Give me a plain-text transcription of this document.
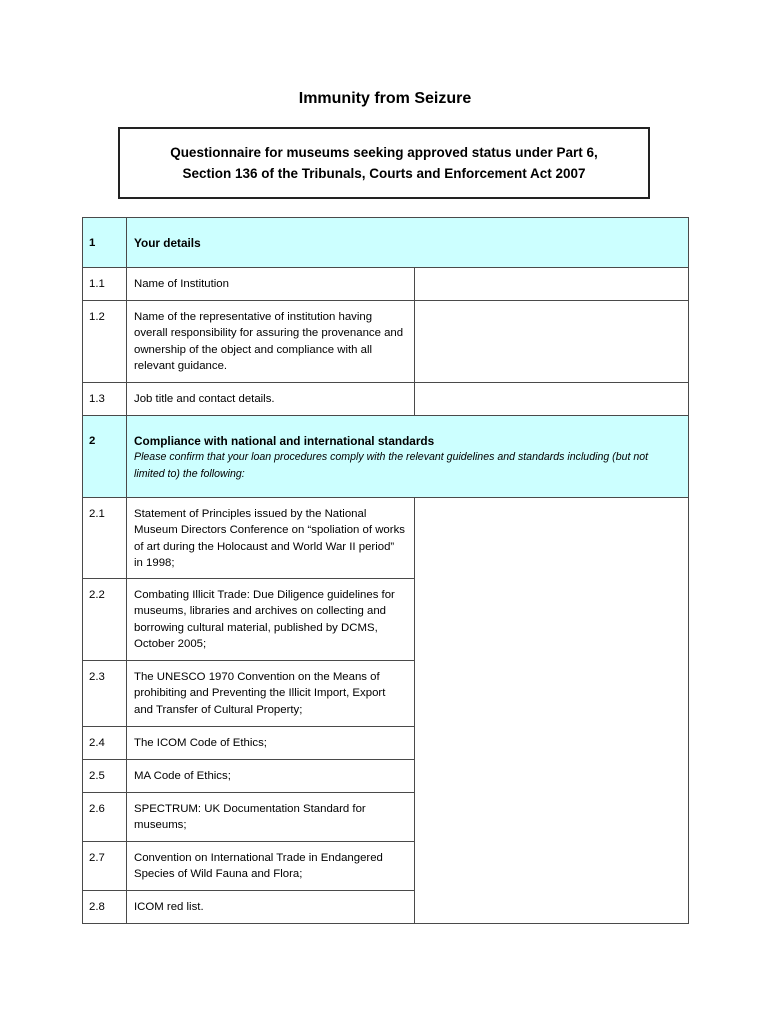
Immunity from Seizure
Questionnaire for museums seeking approved status under Part 6, Section 136 of the Tribunals, Courts and Enforcement Act 2007
1	Your details	
1.1	Name of Institution	
1.2	Name of the representative of institution having overall responsibility for assuring the provenance and ownership of the object and compliance with all relevant guidance.	
1.3	Job title and contact details.	
2	Compliance with national and international standards
Please confirm that your loan procedures comply with the relevant guidelines and standards including (but not limited to) the following:	

2.1	Statement of Principles issued by the National Museum Directors Conference on “spoliation of works of art during the Holocaust and World War II period” in 1998;	
2.2	Combating Illicit Trade: Due Diligence guidelines for museums, libraries and archives on collecting and borrowing cultural material, published by DCMS, October 2005;	
2.3	The UNESCO 1970 Convention on the Means of prohibiting and Preventing the Illicit Import, Export and Transfer of Cultural Property;	
2.4	The ICOM Code of Ethics;	
2.5	MA Code of Ethics;	
2.6	SPECTRUM: UK Documentation Standard for museums;	
2.7	Convention on International Trade in Endangered Species of Wild Fauna and Flora;	
2.8	ICOM red list.	
